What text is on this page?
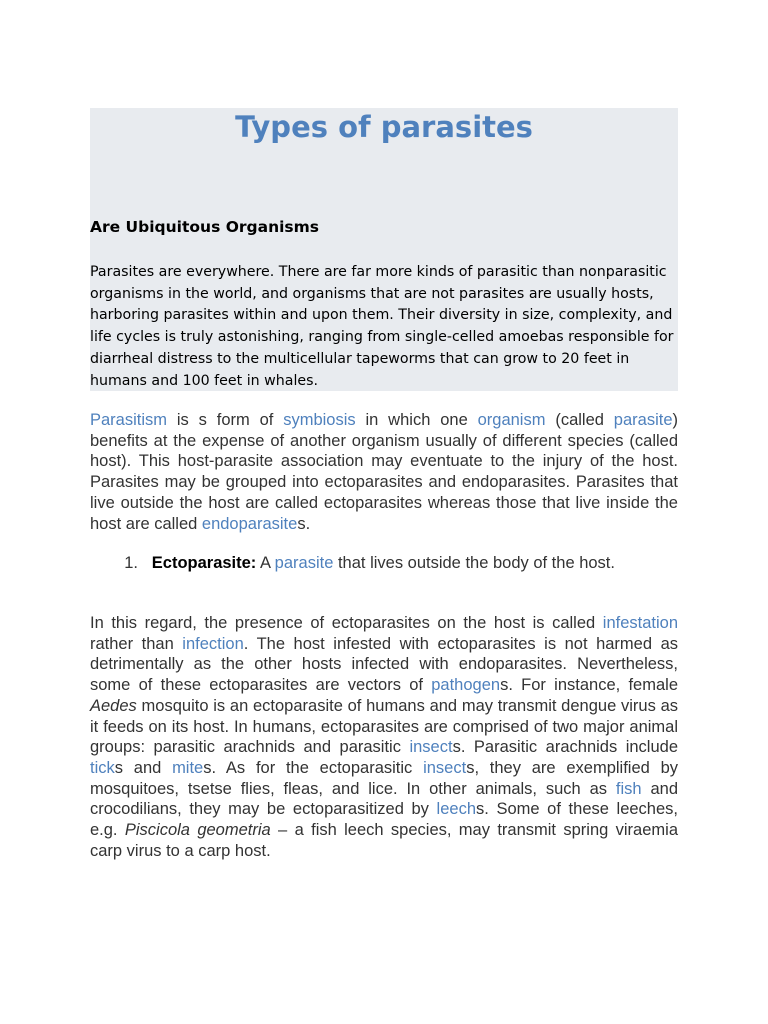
Types of parasites
Are Ubiquitous Organisms

Parasites are everywhere. There are far more kinds of parasitic than nonparasitic organisms in the world, and organisms that are not parasites are usually hosts, harboring parasites within and upon them. Their diversity in size, complexity, and life cycles is truly astonishing, ranging from single-celled amoebas responsible for diarrheal distress to the multicellular tapeworms that can grow to 20 feet in humans and 100 feet in whales.

Parasitism is s form of symbiosis in which one organism (called parasite) benefits at the expense of another organism usually of different species (called host). This host-parasite association may eventuate to the injury of the host. Parasites may be grouped into ectoparasites and endoparasites. Parasites that live outside the host are called ectoparasites whereas those that live inside the host are called endoparasites.

1. Ectoparasite: A parasite that lives outside the body of the host.

In this regard, the presence of ectoparasites on the host is called infestation rather than infection. The host infested with ectoparasites is not harmed as detrimentally as the other hosts infected with endoparasites. Nevertheless, some of these ectoparasites are vectors of pathogens. For instance, female Aedes mosquito is an ectoparasite of humans and may transmit dengue virus as it feeds on its host. In humans, ectoparasites are comprised of two major animal groups: parasitic arachnids and parasitic insects. Parasitic arachnids include ticks and mites. As for the ectoparasitic insects, they are exemplified by mosquitoes, tsetse flies, fleas, and lice. In other animals, such as fish and crocodilians, they may be ectoparasitized by leechs. Some of these leeches, e.g. Piscicola geometria – a fish leech species, may transmit spring viraemia carp virus to a carp host.
